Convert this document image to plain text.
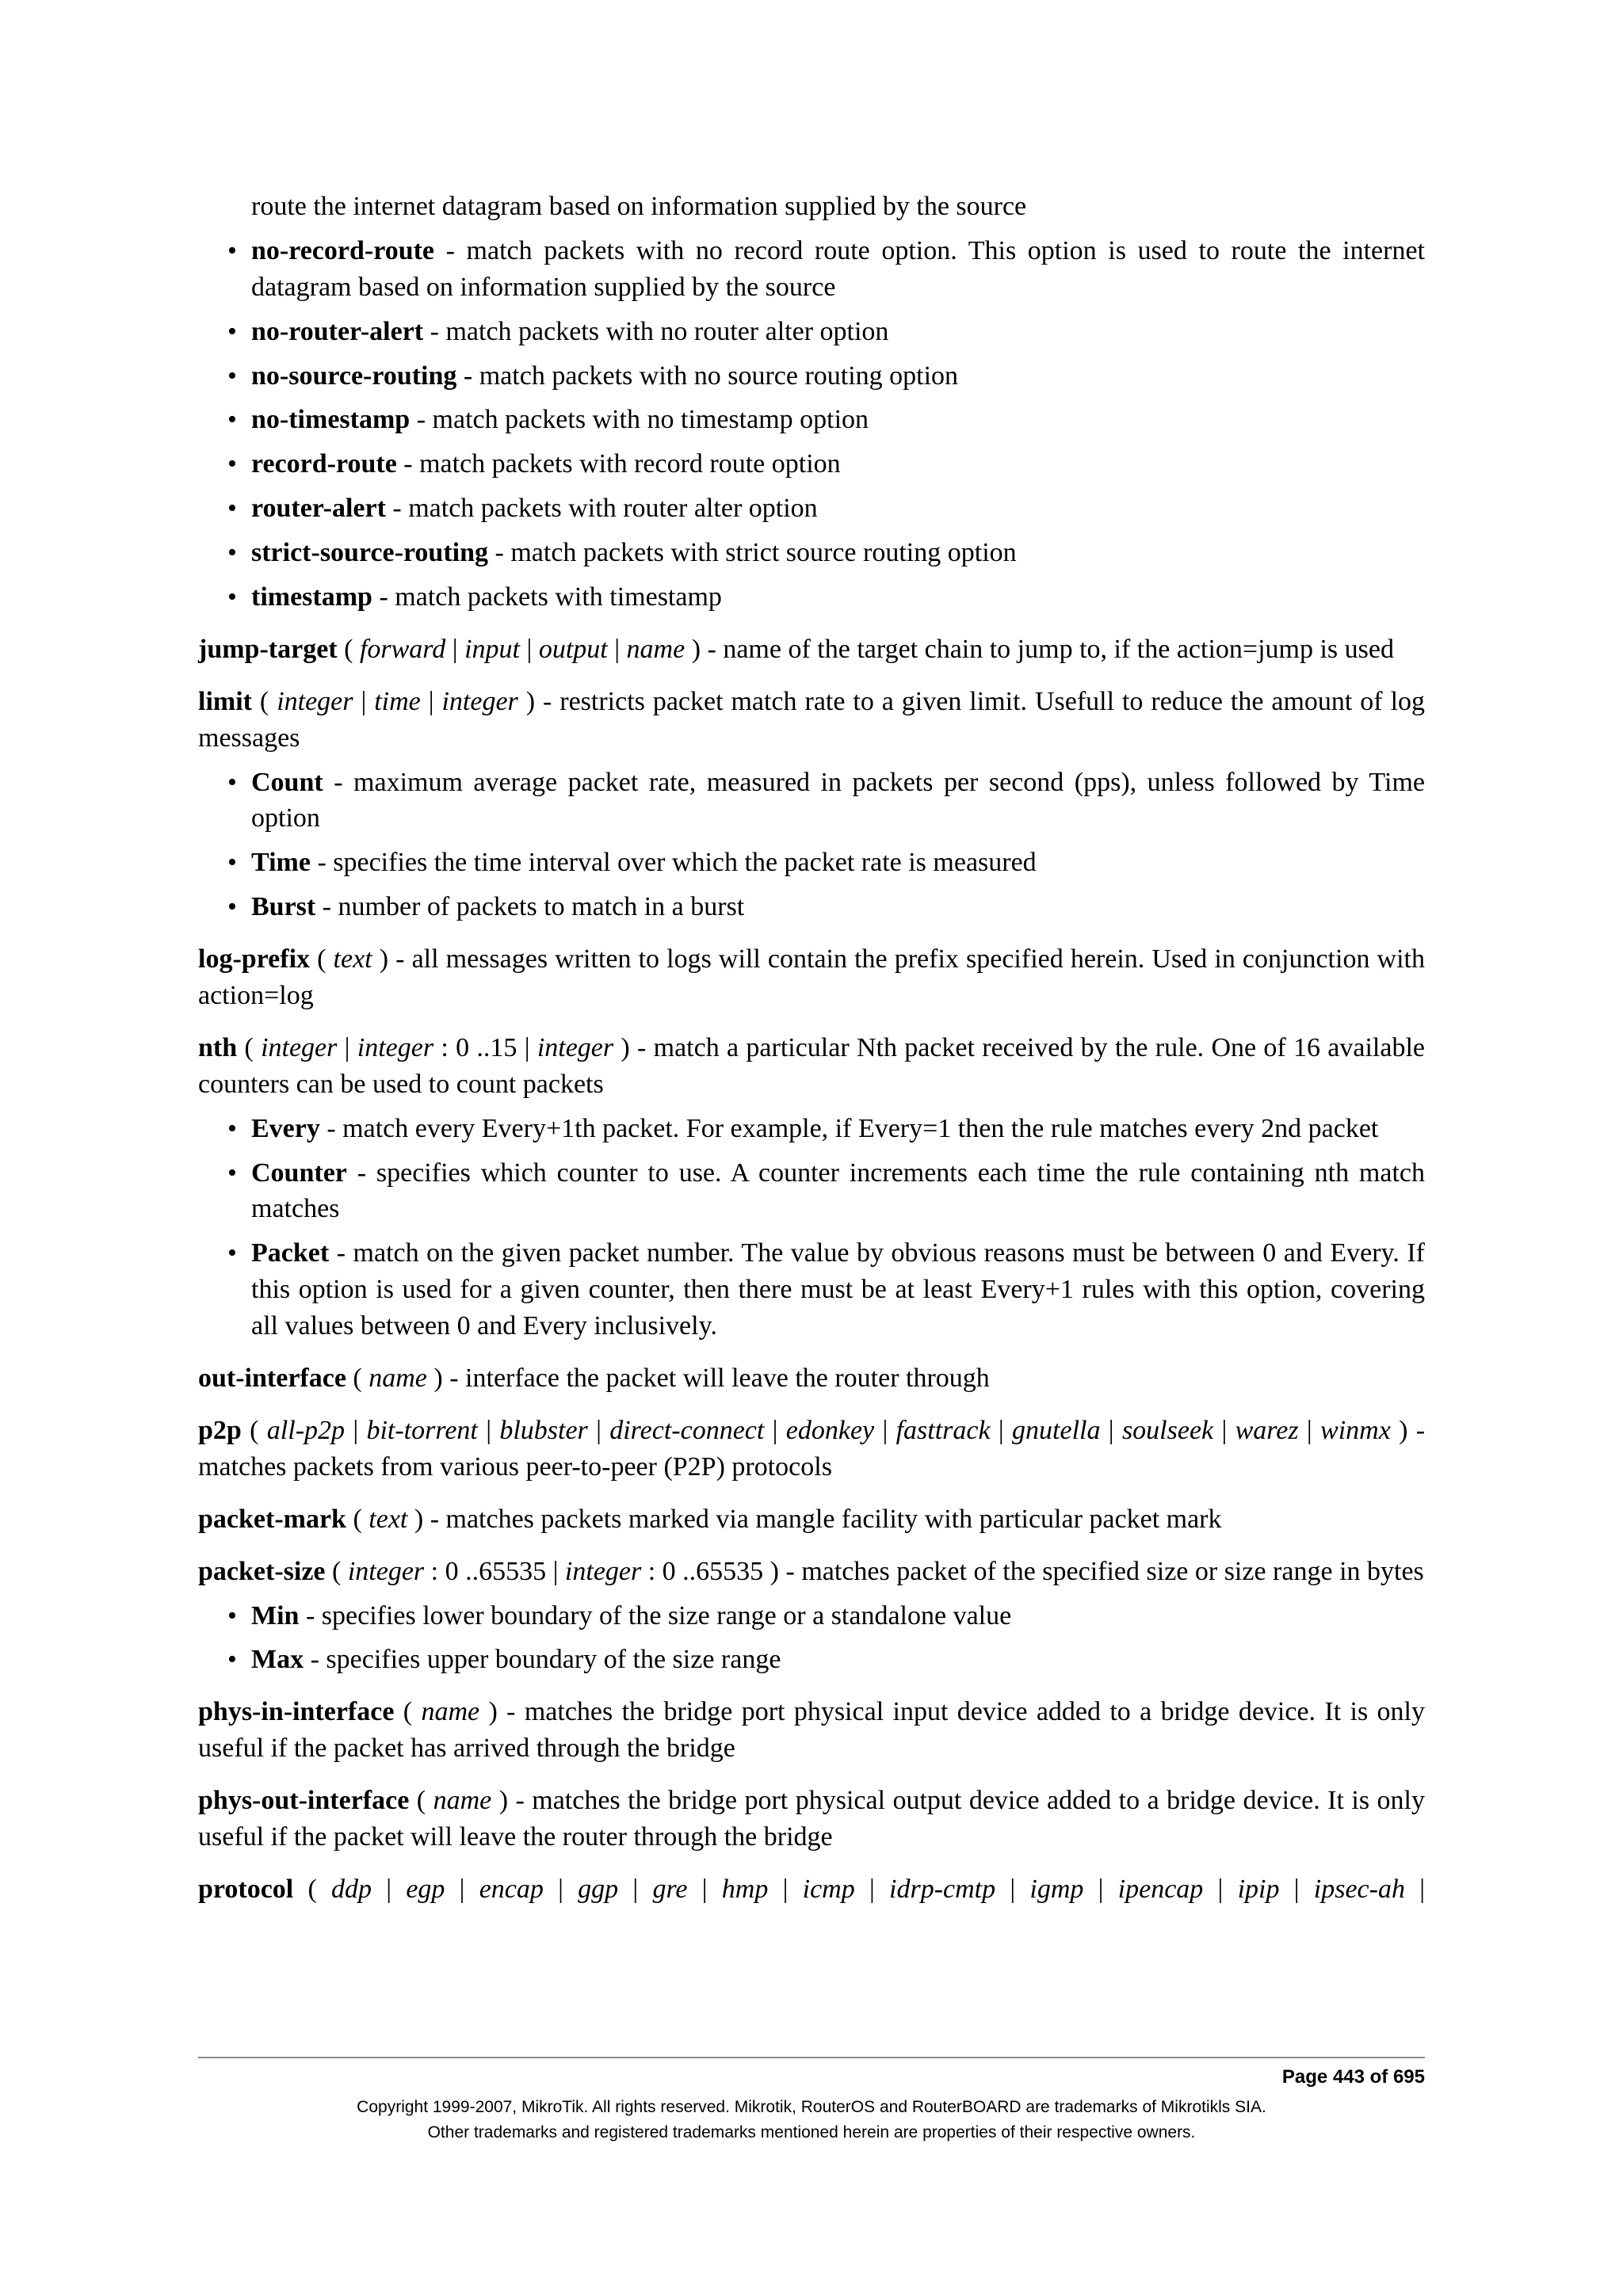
route the internet datagram based on information supplied by the source

• no-record-route - match packets with no record route option. This option is used to route the internet datagram based on information supplied by the source
• no-router-alert - match packets with no router alter option
• no-source-routing - match packets with no source routing option
• no-timestamp - match packets with no timestamp option
• record-route - match packets with record route option
• router-alert - match packets with router alter option
• strict-source-routing - match packets with strict source routing option
• timestamp - match packets with timestamp

jump-target ( forward | input | output | name ) - name of the target chain to jump to, if the action=jump is used

limit ( integer | time | integer ) - restricts packet match rate to a given limit. Usefull to reduce the amount of log messages

• Count - maximum average packet rate, measured in packets per second (pps), unless followed by Time option
• Time - specifies the time interval over which the packet rate is measured
• Burst - number of packets to match in a burst

log-prefix ( text ) - all messages written to logs will contain the prefix specified herein. Used in conjunction with action=log

nth ( integer | integer : 0 ..15 | integer ) - match a particular Nth packet received by the rule. One of 16 available counters can be used to count packets

• Every - match every Every+1th packet. For example, if Every=1 then the rule matches every 2nd packet
• Counter - specifies which counter to use. A counter increments each time the rule containing nth match matches
• Packet - match on the given packet number. The value by obvious reasons must be between 0 and Every. If this option is used for a given counter, then there must be at least Every+1 rules with this option, covering all values between 0 and Every inclusively.

out-interface ( name ) - interface the packet will leave the router through

p2p ( all-p2p | bit-torrent | blubster | direct-connect | edonkey | fasttrack | gnutella | soulseek | warez | winmx ) - matches packets from various peer-to-peer (P2P) protocols

packet-mark ( text ) - matches packets marked via mangle facility with particular packet mark

packet-size ( integer : 0 ..65535 | integer : 0 ..65535 ) - matches packet of the specified size or size range in bytes

• Min - specifies lower boundary of the size range or a standalone value
• Max - specifies upper boundary of the size range

phys-in-interface ( name ) - matches the bridge port physical input device added to a bridge device. It is only useful if the packet has arrived through the bridge

phys-out-interface ( name ) - matches the bridge port physical output device added to a bridge device. It is only useful if the packet will leave the router through the bridge

protocol ( ddp | egp | encap | ggp | gre | hmp | icmp | idrp-cmtp | igmp | ipencap | ipip | ipsec-ah |

Page 443 of 695
Copyright 1999-2007, MikroTik. All rights reserved. Mikrotik, RouterOS and RouterBOARD are trademarks of Mikrotikls SIA.
Other trademarks and registered trademarks mentioned herein are properties of their respective owners.
